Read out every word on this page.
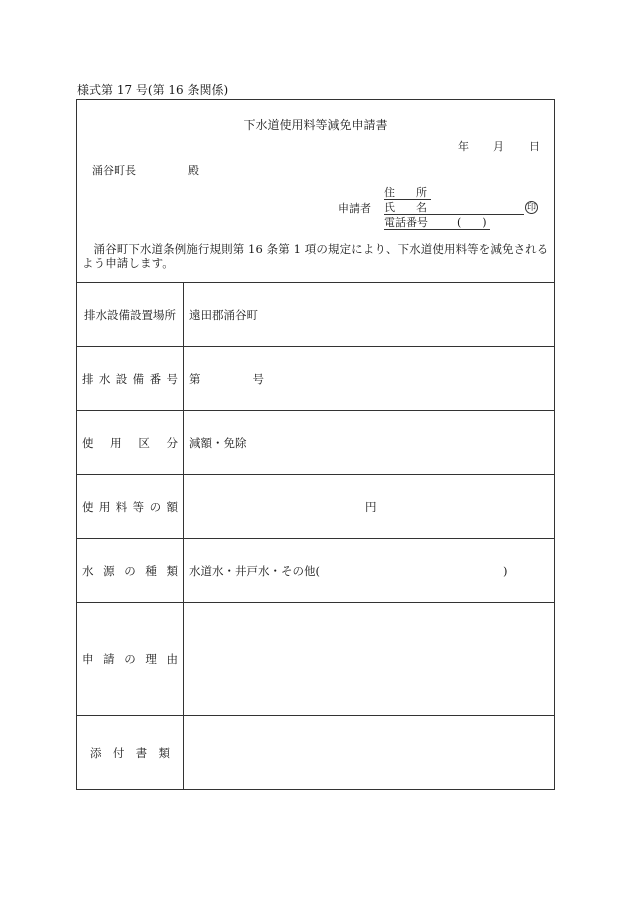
様式第 17 号(第 16 条関係)
下水道使用料等減免申請書
年 月 日
涌谷町長	殿
申請者
住 所
氏 名	印
電話番号	( )
涌谷町下水道条例施行規則第 16 条第 1 項の規定により、下水道使用料等を減免されるよう申請します。
排水設備設置場所 遠田郡涌谷町
排 水 設 備 番 号 第	号
使 用 区 分 減額・免除
使 用 料 等 の 額	円
水 源 の 種 類 水道水・井戸水・その他(	)
申 請 の 理 由
添 付 書 類
